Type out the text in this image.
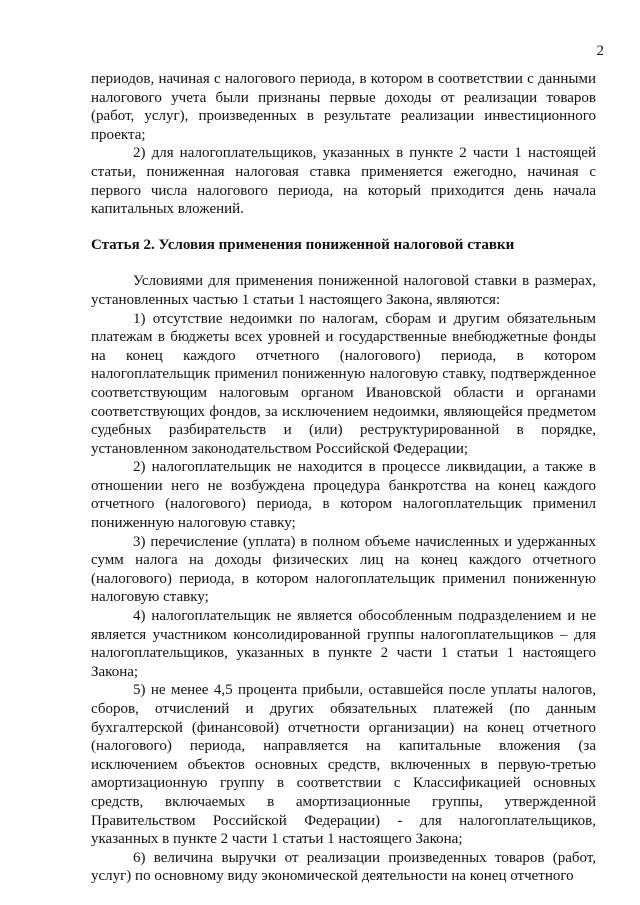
2

периодов, начиная с налогового периода, в котором в соответствии с данными налогового учета были признаны первые доходы от реализации товаров (работ, услуг), произведенных в результате реализации инвестиционного проекта;

2) для налогоплательщиков, указанных в пункте 2 части 1 настоящей статьи, пониженная налоговая ставка применяется ежегодно, начиная с первого числа налогового периода, на который приходится день начала капитальных вложений.

Статья 2. Условия применения пониженной налоговой ставки

Условиями для применения пониженной налоговой ставки в размерах, установленных частью 1 статьи 1 настоящего Закона, являются:

1) отсутствие недоимки по налогам, сборам и другим обязательным платежам в бюджеты всех уровней и государственные внебюджетные фонды на конец каждого отчетного (налогового) периода, в котором налогоплательщик применил пониженную налоговую ставку, подтвержденное соответствующим налоговым органом Ивановской области и органами соответствующих фондов, за исключением недоимки, являющейся предметом судебных разбирательств и (или) реструктурированной в порядке, установленном законодательством Российской Федерации;

2) налогоплательщик не находится в процессе ликвидации, а также в отношении него не возбуждена процедура банкротства на конец каждого отчетного (налогового) периода, в котором налогоплательщик применил пониженную налоговую ставку;

3) перечисление (уплата) в полном объеме начисленных и удержанных сумм налога на доходы физических лиц на конец каждого отчетного (налогового) периода, в котором налогоплательщик применил пониженную налоговую ставку;

4) налогоплательщик не является обособленным подразделением и не является участником консолидированной группы налогоплательщиков – для налогоплательщиков, указанных в пункте 2 части 1 статьи 1 настоящего Закона;

5) не менее 4,5 процента прибыли, оставшейся после уплаты налогов, сборов, отчислений и других обязательных платежей (по данным бухгалтерской (финансовой) отчетности организации) на конец отчетного (налогового) периода, направляется на капитальные вложения (за исключением объектов основных средств, включенных в первую-третью амортизационную группу в соответствии с Классификацией основных средств, включаемых в амортизационные группы, утвержденной Правительством Российской Федерации) - для налогоплательщиков, указанных в пункте 2 части 1 статьи 1 настоящего Закона;

6) величина выручки от реализации произведенных товаров (работ, услуг) по основному виду экономической деятельности на конец отчетного
